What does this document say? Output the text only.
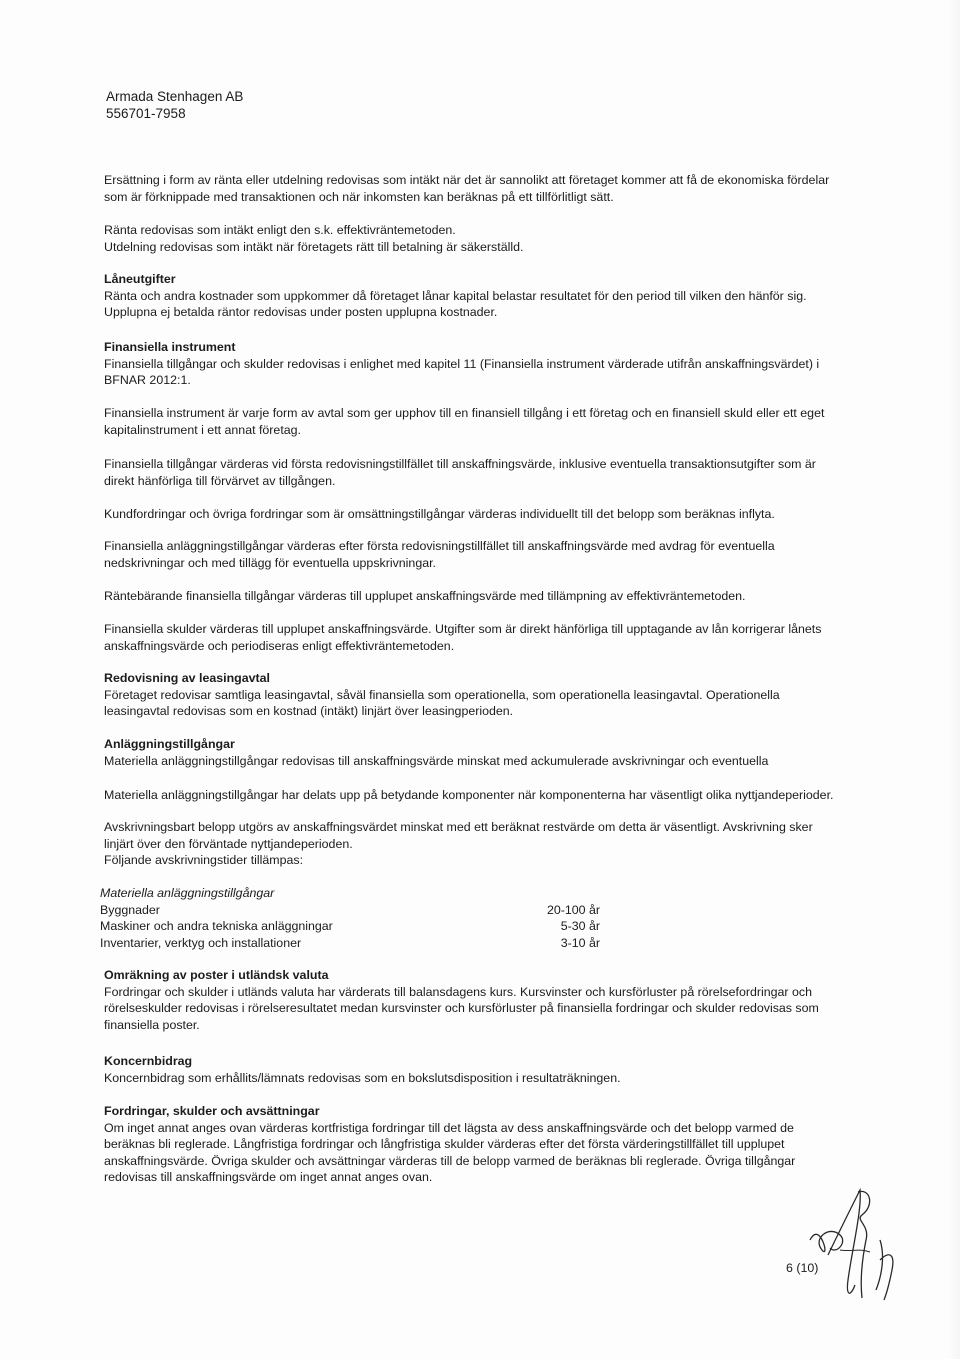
Armada Stenhagen AB
556701-7958
Ersättning i form av ränta eller utdelning redovisas som intäkt när det är sannolikt att företaget kommer att få de ekonomiska fördelar
som är förknippade med transaktionen och när inkomsten kan beräknas på ett tillförlitligt sätt.
Ränta redovisas som intäkt enligt den s.k. effektivräntemetoden.
Utdelning redovisas som intäkt när företagets rätt till betalning är säkerställd.
Låneutgifter
Ränta och andra kostnader som uppkommer då företaget lånar kapital belastar resultatet för den period till vilken den hänför sig.
Upplupna ej betalda räntor redovisas under posten upplupna kostnader.
Finansiella instrument
Finansiella tillgångar och skulder redovisas i enlighet med kapitel 11 (Finansiella instrument värderade utifrån anskaffningsvärdet) i
BFNAR 2012:1.
Finansiella instrument är varje form av avtal som ger upphov till en finansiell tillgång i ett företag och en finansiell skuld eller ett eget
kapitalinstrument i ett annat företag.
Finansiella tillgångar värderas vid första redovisningstillfället till anskaffningsvärde, inklusive eventuella transaktionsutgifter som är
direkt hänförliga till förvärvet av tillgången.
Kundfordringar och övriga fordringar som är omsättningstillgångar värderas individuellt till det belopp som beräknas inflyta.
Finansiella anläggningstillgångar värderas efter första redovisningstillfället till anskaffningsvärde med avdrag för eventuella
nedskrivningar och med tillägg för eventuella uppskrivningar.
Räntebärande finansiella tillgångar värderas till upplupet anskaffningsvärde med tillämpning av effektivräntemetoden.
Finansiella skulder värderas till upplupet anskaffningsvärde. Utgifter som är direkt hänförliga till upptagande av lån korrigerar lånets
anskaffningsvärde och periodiseras enligt effektivräntemetoden.
Redovisning av leasingavtal
Företaget redovisar samtliga leasingavtal, såväl finansiella som operationella, som operationella leasingavtal. Operationella
leasingavtal redovisas som en kostnad (intäkt) linjärt över leasingperioden.
Anläggningstillgångar
Materiella anläggningstillgångar redovisas till anskaffningsvärde minskat med ackumulerade avskrivningar och eventuella
Materiella anläggningstillgångar har delats upp på betydande komponenter när komponenterna har väsentligt olika nyttjandeperioder.
Avskrivningsbart belopp utgörs av anskaffningsvärdet minskat med ett beräknat restvärde om detta är väsentligt. Avskrivning sker
linjärt över den förväntade nyttjandeperioden.
Följande avskrivningstider tillämpas:
Materiella anläggningstillgångar
Byggnader	20-100 år
Maskiner och andra tekniska anläggningar	5-30 år
Inventarier, verktyg och installationer	3-10 år
Omräkning av poster i utländsk valuta
Fordringar och skulder i utländs valuta har värderats till balansdagens kurs. Kursvinster och kursförluster på rörelsefordringar och
rörelseskulder redovisas i rörelseresultatet medan kursvinster och kursförluster på finansiella fordringar och skulder redovisas som
finansiella poster.
Koncernbidrag
Koncernbidrag som erhållits/lämnats redovisas som en bokslutsdisposition i resultaträkningen.
Fordringar, skulder och avsättningar
Om inget annat anges ovan värderas kortfristiga fordringar till det lägsta av dess anskaffningsvärde och det belopp varmed de
beräknas bli reglerade. Långfristiga fordringar och långfristiga skulder värderas efter det första värderingstillfället till upplupet
anskaffningsvärde. Övriga skulder och avsättningar värderas till de belopp varmed de beräknas bli reglerade. Övriga tillgångar
redovisas till anskaffningsvärde om inget annat anges ovan.
6 (10)
